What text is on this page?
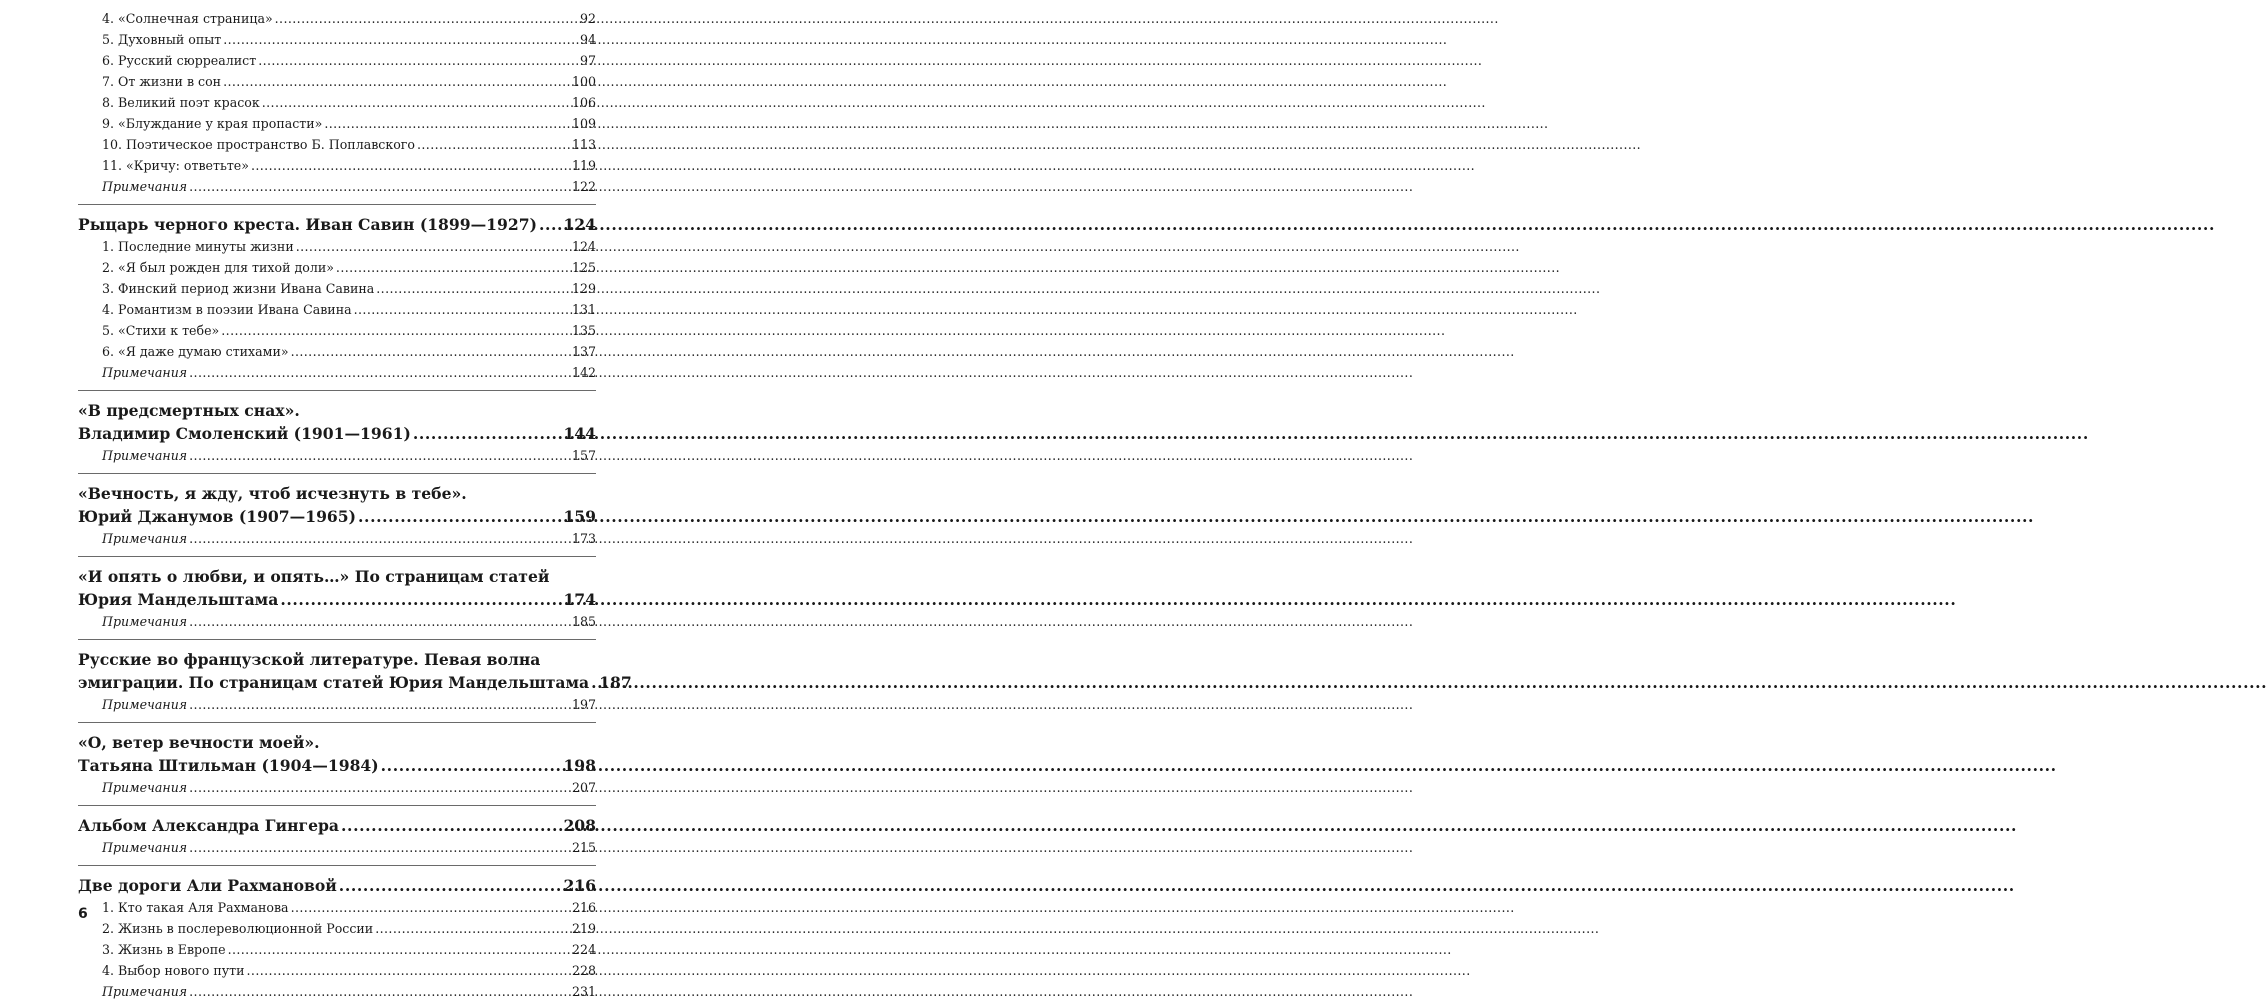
4. «Солнечная страница» .....	92
5. Духовный опыт .....	94
6. Русский сюрреалист .....	97
7. От жизни в сон .....	100
8. Великий поэт красок .....	106
9. «Блуждание у края пропасти» .....	109
10. Поэтическое пространство Б. Поплавского .....	113
11. «Кричу: ответьте» .....	119
Примечания .....	122
Рыцарь черного креста. Иван Савин (1899—1927) ..... 124
1. Последние минуты жизни .....	124
2. «Я был рожден для тихой доли» .....	125
3. Финский период жизни Ивана Савина .....	129
4. Романтизм в поэзии Ивана Савина .....	131
5. «Стихи к тебе» .....	135
6. «Я даже думаю стихами» .....	137
Примечания .....	142
«В предсмертных снах».
Владимир Смоленский (1901—1961) .....	144
Примечания .....	157
«Вечность, я жду, чтоб исчезнуть в тебе».
Юрий Джанумов (1907—1965) .....	159
Примечания .....	173
«И опять о любви, и опять…» По страницам статей
Юрия Мандельштама .....	174
Примечания .....	185
Русские во французской литературе. Певая волна
эмиграции. По страницам статей Юрия Мандельштама ..... 187
Примечания .....	197
«О, ветер вечности моей».
Татьяна Штильман (1904—1984) .....	198
Примечания .....	207
Альбом Александра Гингера .....	208
Примечания .....	215
Две дороги Али Рахмановой .....	216
1. Кто такая Аля Рахманова .....	216
2. Жизнь в послереволюционной России .....	219
3. Жизнь в Европе .....	224
4. Выбор нового пути .....	228
Примечания .....	231
6
